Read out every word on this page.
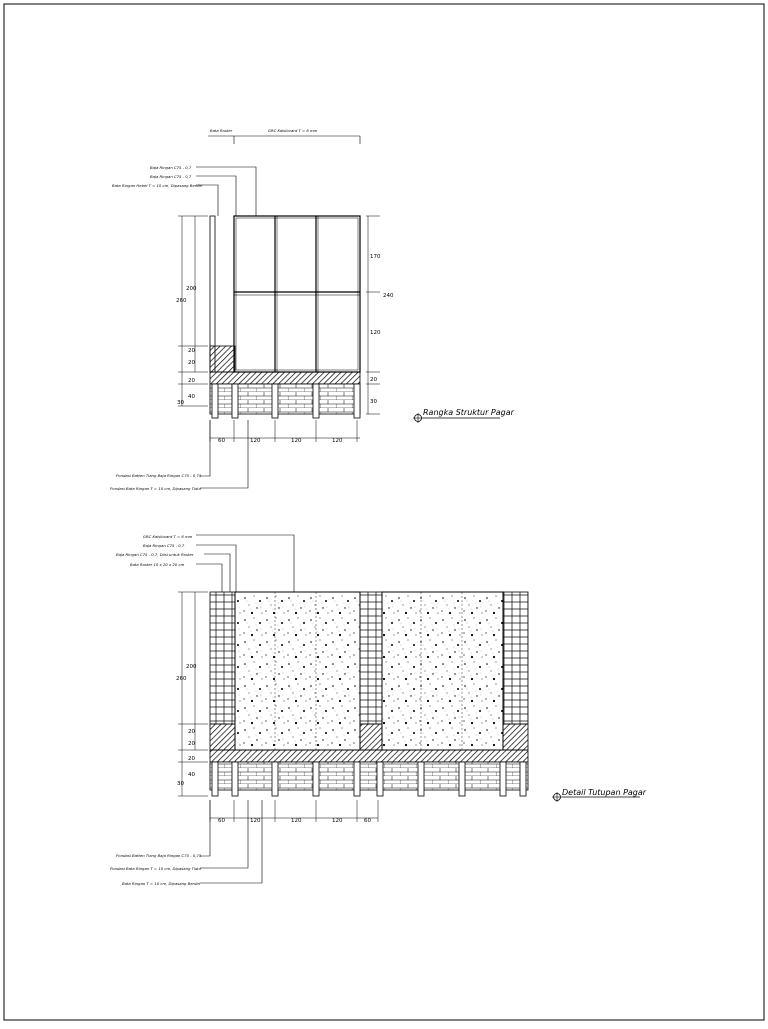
Bata Roster	GRC Kalsiboard T = 6 mm
Baja Ringan C75 - 0,7
Baja Ringan C75 - 0,7
Bata Ringan Hebel T = 10 cm, Dipasang Berdiri
200
260
20
20
20
30
40
170
240
120
20
30
60	120	120	120
Pondasi Batten Tiang Baja Ringan C75 - 0,75
Pondasi Bata Ringan T = 10 cm, Dipasang Tidur
Rangka Struktur Pagar
GRC Kalsiboard T = 6 mm
Baja Ringan C75 - 0,7
Baja Ringan C75 - 0,7, Diisi untuk Roster
Bata Roster 10 x 20 x 20 cm
200
260
20
20
20
30
40
60	120	120	120	60
Pondasi Batten Tiang Baja Ringan C75 - 0,75
Pondasi Bata Ringan T = 10 cm, Dipasang Tidur
Bata Ringan T = 10 cm, Dipasang Berdiri
Detail Tutupan Pagar
